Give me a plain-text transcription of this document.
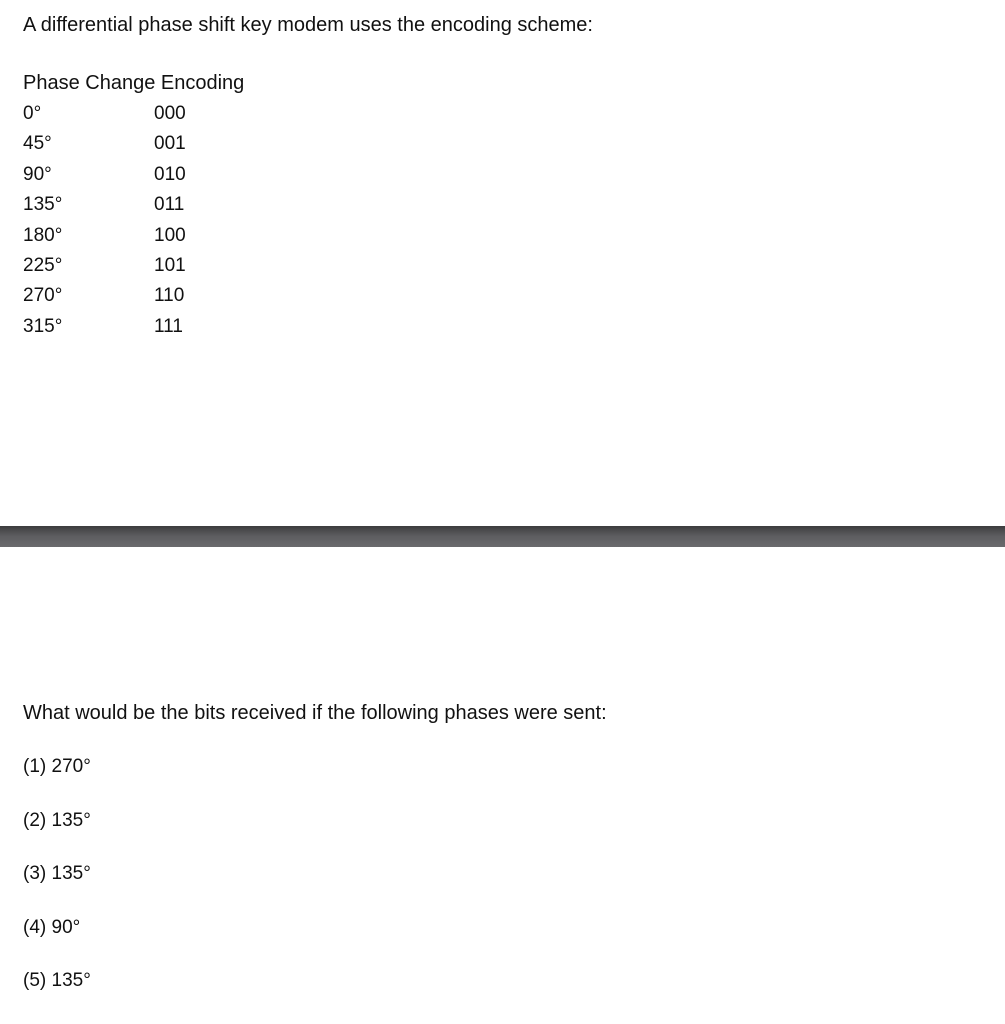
A differential phase shift key modem uses the encoding scheme:
Phase Change Encoding
0°	000
45°	001
90°	010
135°	011
180°	100
225°	101
270°	110
315°	111
What would be the bits received if the following phases were sent:
(1) 270°
(2) 135°
(3) 135°
(4) 90°
(5) 135°
